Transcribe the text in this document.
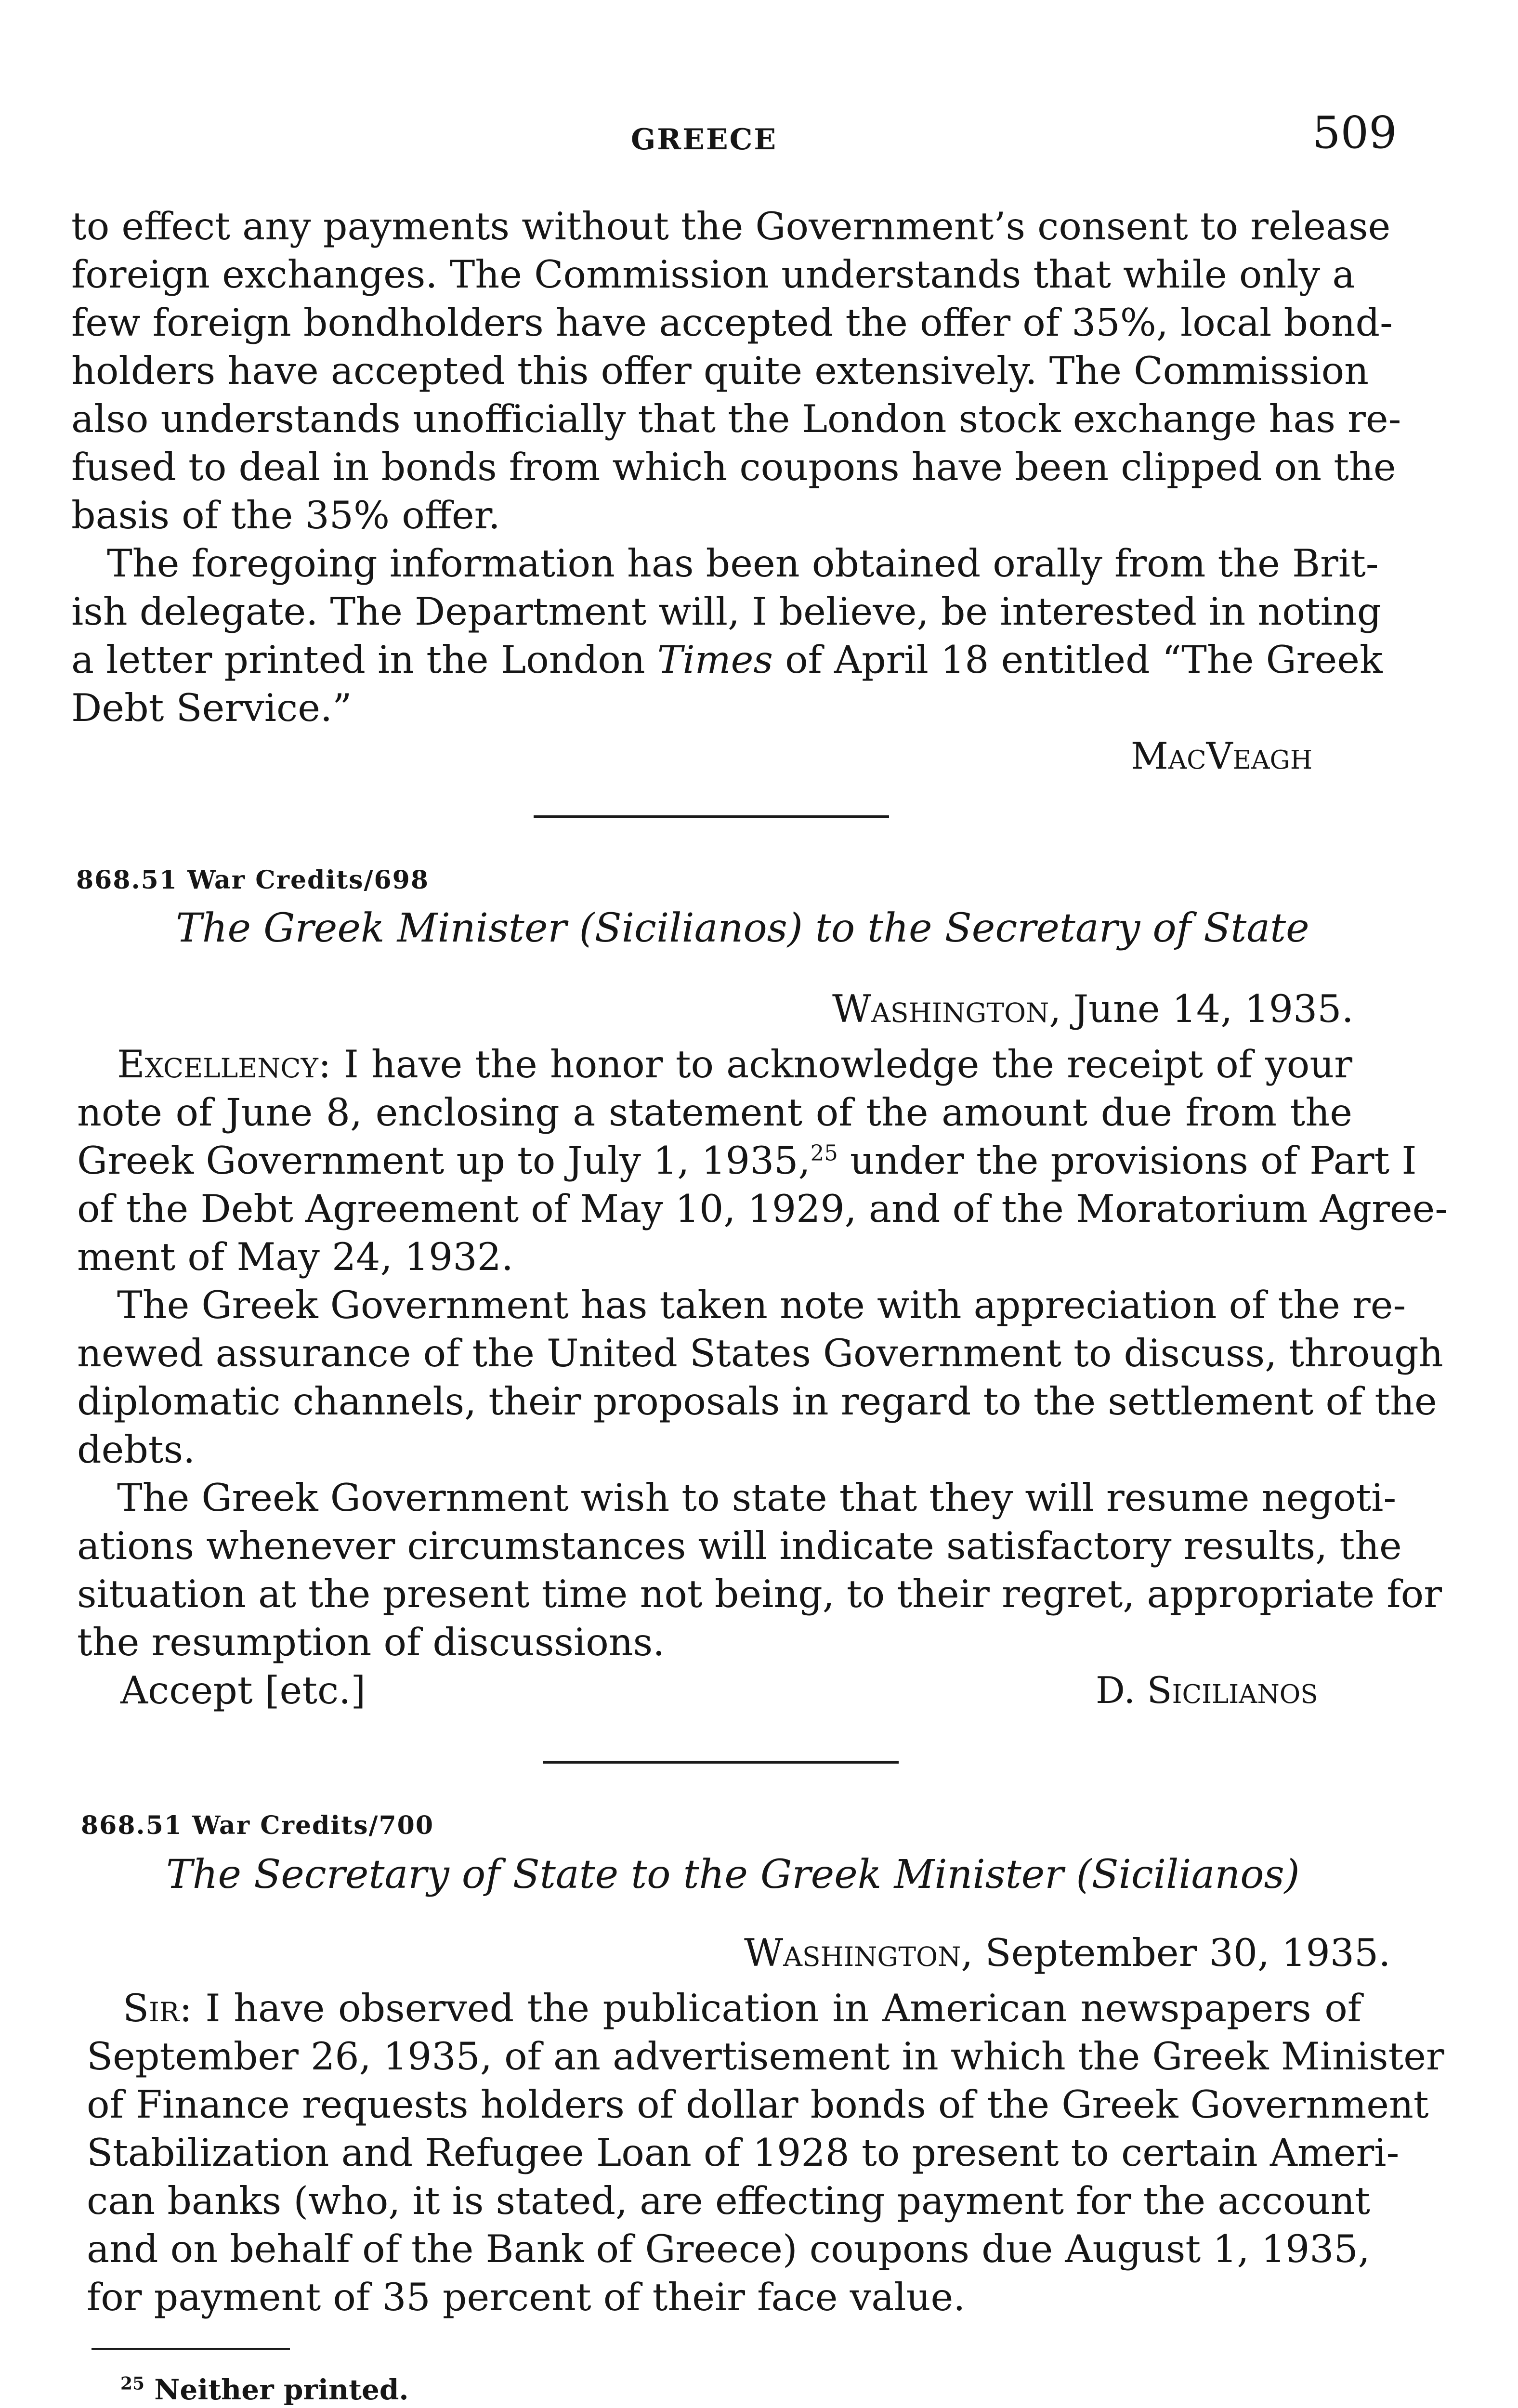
GREECE	509
to effect any payments without the Government’s consent to release
foreign exchanges. The Commission understands that while only a
few foreign bondholders have accepted the offer of 35%, local bond-
holders have accepted this offer quite extensively. The Commission
also understands unofficially that the London stock exchange has re-
fused to deal in bonds from which coupons have been clipped on the
basis of the 35% offer.
The foregoing information has been obtained orally from the Brit-
ish delegate. The Department will, I believe, be interested in noting
a letter printed in the London Times of April 18 entitled “The Greek
Debt Service.”
MacVeagh
868.51 War Credits/698
The Greek Minister (Sicilianos) to the Secretary of State
Washington, June 14, 1935.
Excellency: I have the honor to acknowledge the receipt of your
note of June 8, enclosing a statement of the amount due from the
Greek Government up to July 1, 1935,25 under the provisions of Part I
of the Debt Agreement of May 10, 1929, and of the Moratorium Agree-
ment of May 24, 1932.
The Greek Government has taken note with appreciation of the re-
newed assurance of the United States Government to discuss, through
diplomatic channels, their proposals in regard to the settlement of the
debts.
The Greek Government wish to state that they will resume negoti-
ations whenever circumstances will indicate satisfactory results, the
situation at the present time not being, to their regret, appropriate for
the resumption of discussions.
Accept [etc.]	D. Sicilianos
868.51 War Credits/700
The Secretary of State to the Greek Minister (Sicilianos)
Washington, September 30, 1935.
Sir: I have observed the publication in American newspapers of
September 26, 1935, of an advertisement in which the Greek Minister
of Finance requests holders of dollar bonds of the Greek Government
Stabilization and Refugee Loan of 1928 to present to certain Ameri-
can banks (who, it is stated, are effecting payment for the account
and on behalf of the Bank of Greece) coupons due August 1, 1935,
for payment of 35 percent of their face value.
$^{25}$ Neither printed.
